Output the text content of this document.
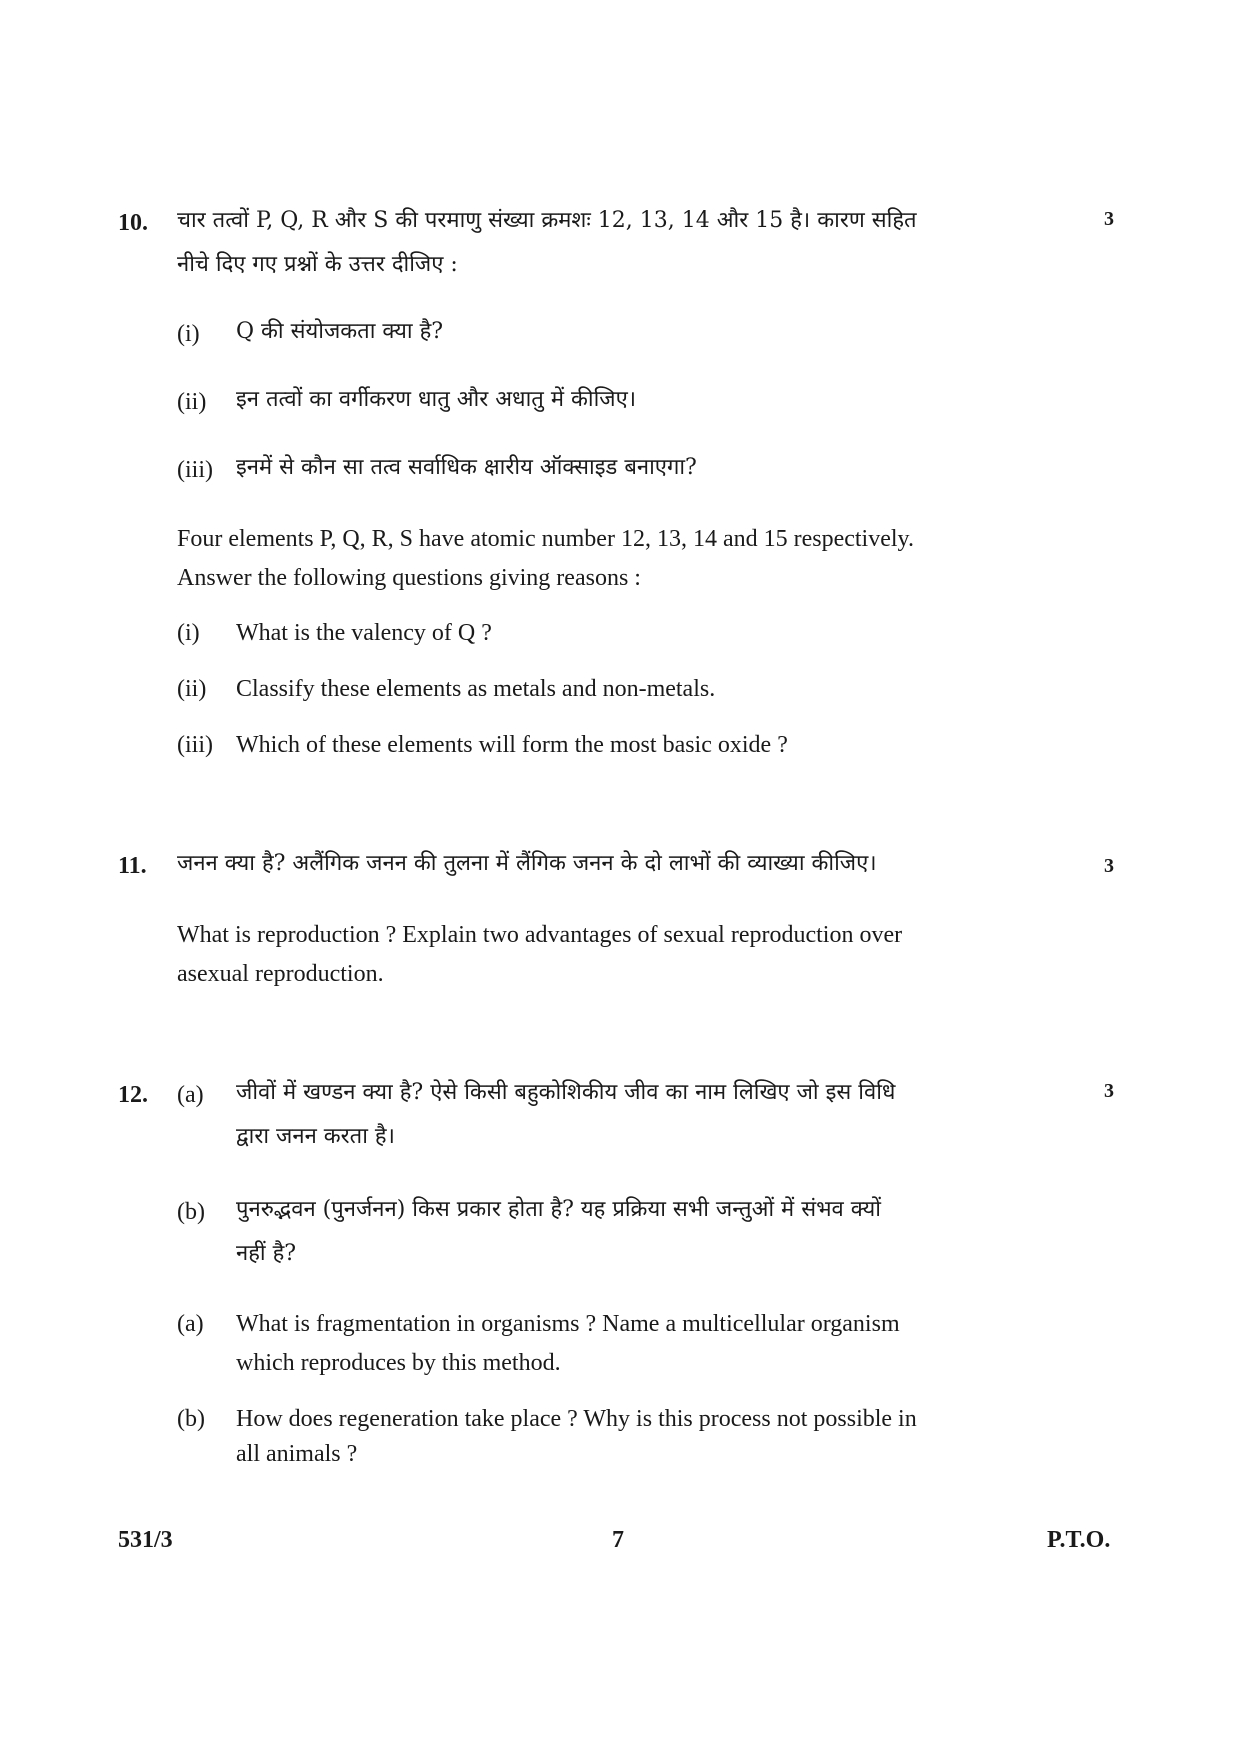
10.	3
चार तत्वों P, Q, R और S की परमाणु संख्या क्रमशः 12, 13, 14 और 15 है। कारण सहित
नीचे दिए गए प्रश्नों के उत्तर दीजिए :
(i) Q की संयोजकता क्या है?
(ii) इन तत्वों का वर्गीकरण धातु और अधातु में कीजिए।
(iii) इनमें से कौन सा तत्व सर्वाधिक क्षारीय ऑक्साइड बनाएगा?
Four elements P, Q, R, S have atomic number 12, 13, 14 and 15 respectively.
Answer the following questions giving reasons :
(i) What is the valency of Q ?
(ii) Classify these elements as metals and non-metals.
(iii) Which of these elements will form the most basic oxide ?
11.	3
जनन क्या है? अलैंगिक जनन की तुलना में लैंगिक जनन के दो लाभों की व्याख्या कीजिए।
What is reproduction ? Explain two advantages of sexual reproduction over
asexual reproduction.
12.	3
(a) जीवों में खण्डन क्या है? ऐसे किसी बहुकोशिकीय जीव का नाम लिखिए जो इस विधि
द्वारा जनन करता है।
(b) पुनरुद्भवन (पुनर्जनन) किस प्रकार होता है? यह प्रक्रिया सभी जन्तुओं में संभव क्यों
नहीं है?
(a) What is fragmentation in organisms ? Name a multicellular organism
which reproduces by this method.
(b) How does regeneration take place ? Why is this process not possible in
all animals ?
531/3	7	P.T.O.
